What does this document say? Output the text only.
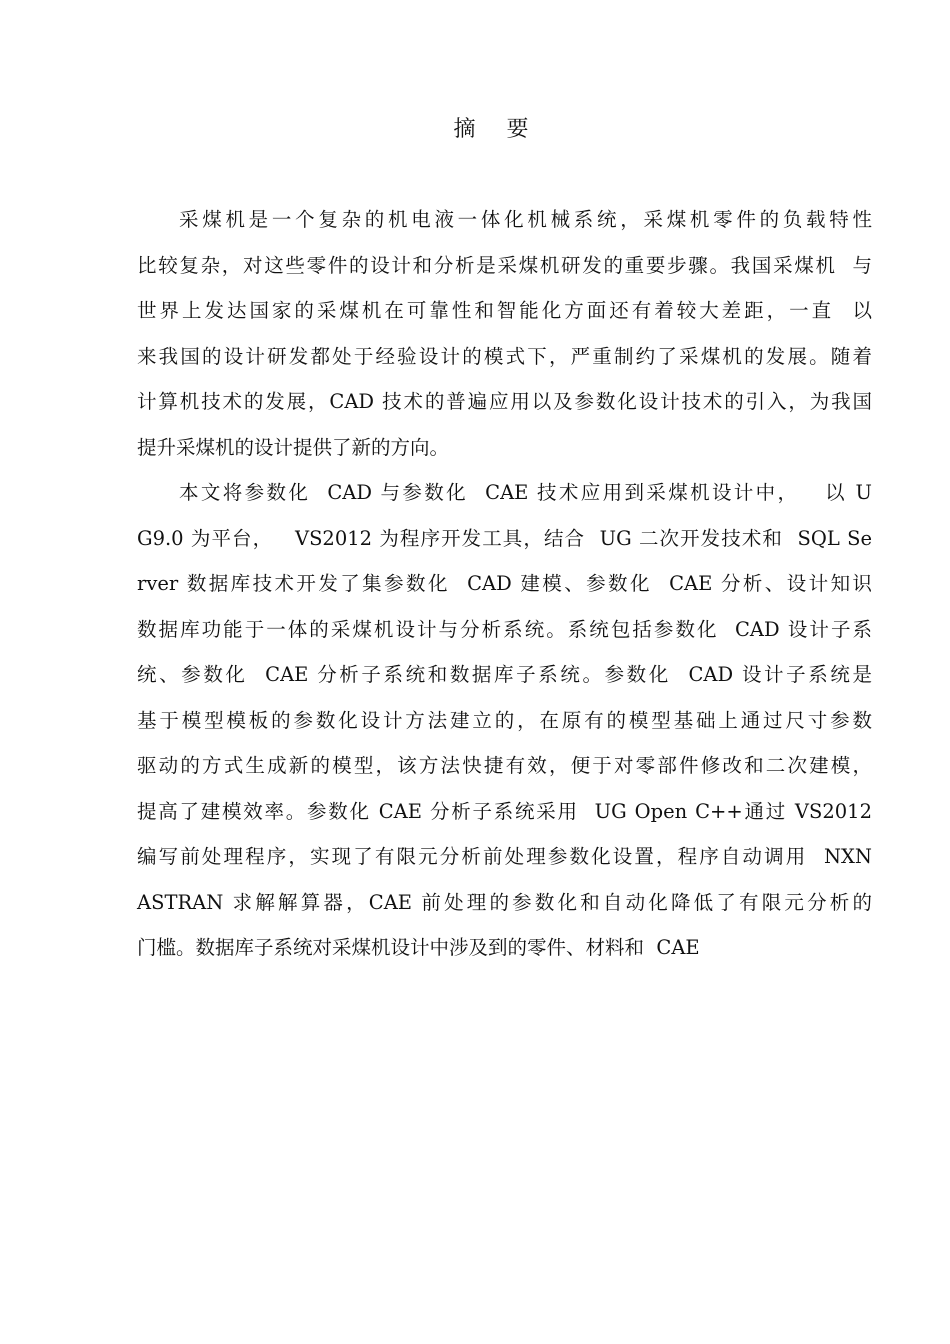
摘 要
采煤机是一个复杂的机电液一体化机械系统，采煤机零件的负载特性
比较复杂，对这些零件的设计和分析是采煤机研发的重要步骤。我国采煤机  与
世界上发达国家的采煤机在可靠性和智能化方面还有着较大差距，一直  以
来我国的设计研发都处于经验设计的模式下，严重制约了采煤机的发展。随着
计算机技术的发展，CAD 技术的普遍应用以及参数化设计技术的引入，为我国
提升采煤机的设计提供了新的方向。
本文将参数化  CAD 与参数化  CAE 技术应用到采煤机设计中，   以 U
G9.0 为平台，   VS2012 为程序开发工具，结合  UG 二次开发技术和  SQL Se
rver 数据库技术开发了集参数化  CAD 建模、参数化  CAE 分析、设计知识
数据库功能于一体的采煤机设计与分析系统。系统包括参数化  CAD 设计子系
统、参数化  CAE 分析子系统和数据库子系统。参数化  CAD 设计子系统是
基于模型模板的参数化设计方法建立的，在原有的模型基础上通过尺寸参数
驱动的方式生成新的模型，该方法快捷有效，便于对零部件修改和二次建模，
提高了建模效率。参数化 CAE 分析子系统采用  UG Open C++通过 VS2012
编写前处理程序，实现了有限元分析前处理参数化设置，程序自动调用  NXN
ASTRAN 求解解算器，CAE 前处理的参数化和自动化降低了有限元分析的
门槛。数据库子系统对采煤机设计中涉及到的零件、材料和  CAE
